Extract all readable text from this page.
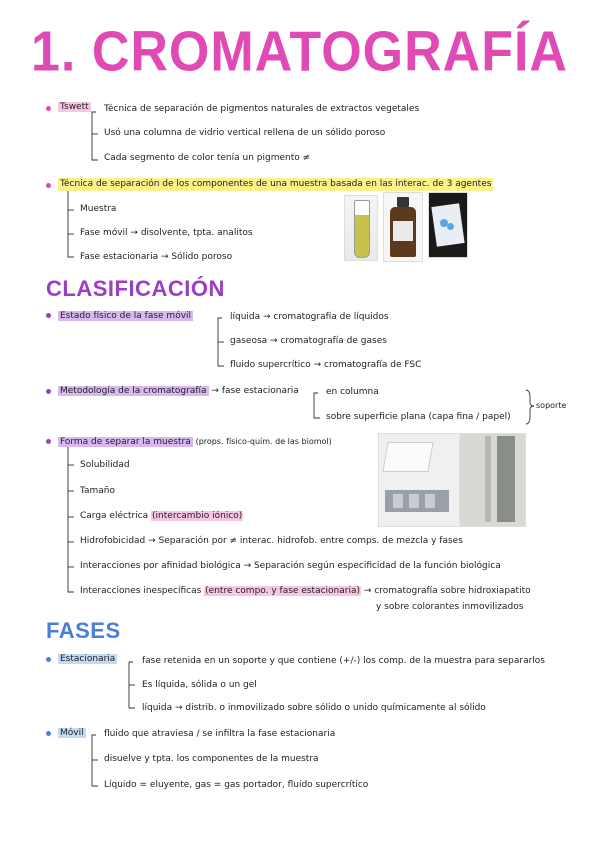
1. CROMATOGRAFÍA
Tswett Técnica de separación de pigmentos naturales de extractos vegetales
Usó una columna de vidrio vertical rellena de un sólido poroso
Cada segmento de color tenía un pigmento ≠
Técnica de separación de los componentes de una muestra basada en las interac. de 3 agentes
Muestra
Fase móvil → disolvente, tpta. analitos
Fase estacionaria → Sólido poroso
CLASIFICACIÓN
Estado físico de la fase móvil	líquida → cromatografía de líquidos
gaseosa → cromatografía de gases
fluido supercrítico → cromatografía de FSC
Metodología de la cromatografía → fase estacionaria	en columna
sobre superficie plana (capa fina / papel)
soporte
Forma de separar la muestra (props. físico-quím. de las biomol)
Solubilidad
Tamaño
Carga eléctrica (intercambio iónico)
Hidrofobicidad → Separación por ≠ interac. hidrofob. entre comps. de mezcla y fases
Interacciones por afinidad biológica → Separación según especificidad de la función biológica
Interacciones inespecíficas (entre compo. y fase estacionaria) → cromatografía sobre hidroxiapatito
y sobre colorantes inmovilizados
FASES
Estacionaria	fase retenida en un soporte y que contiene (+/-) los comp. de la muestra para separarlos
Es líquida, sólida o un gel
líquida → distrib. o inmovilizado sobre sólido o unido químicamente al sólido
Móvil fluido que atraviesa / se infiltra la fase estacionaria
disuelve y tpta. los componentes de la muestra
Líquido = eluyente, gas = gas portador, fluido supercrítico
